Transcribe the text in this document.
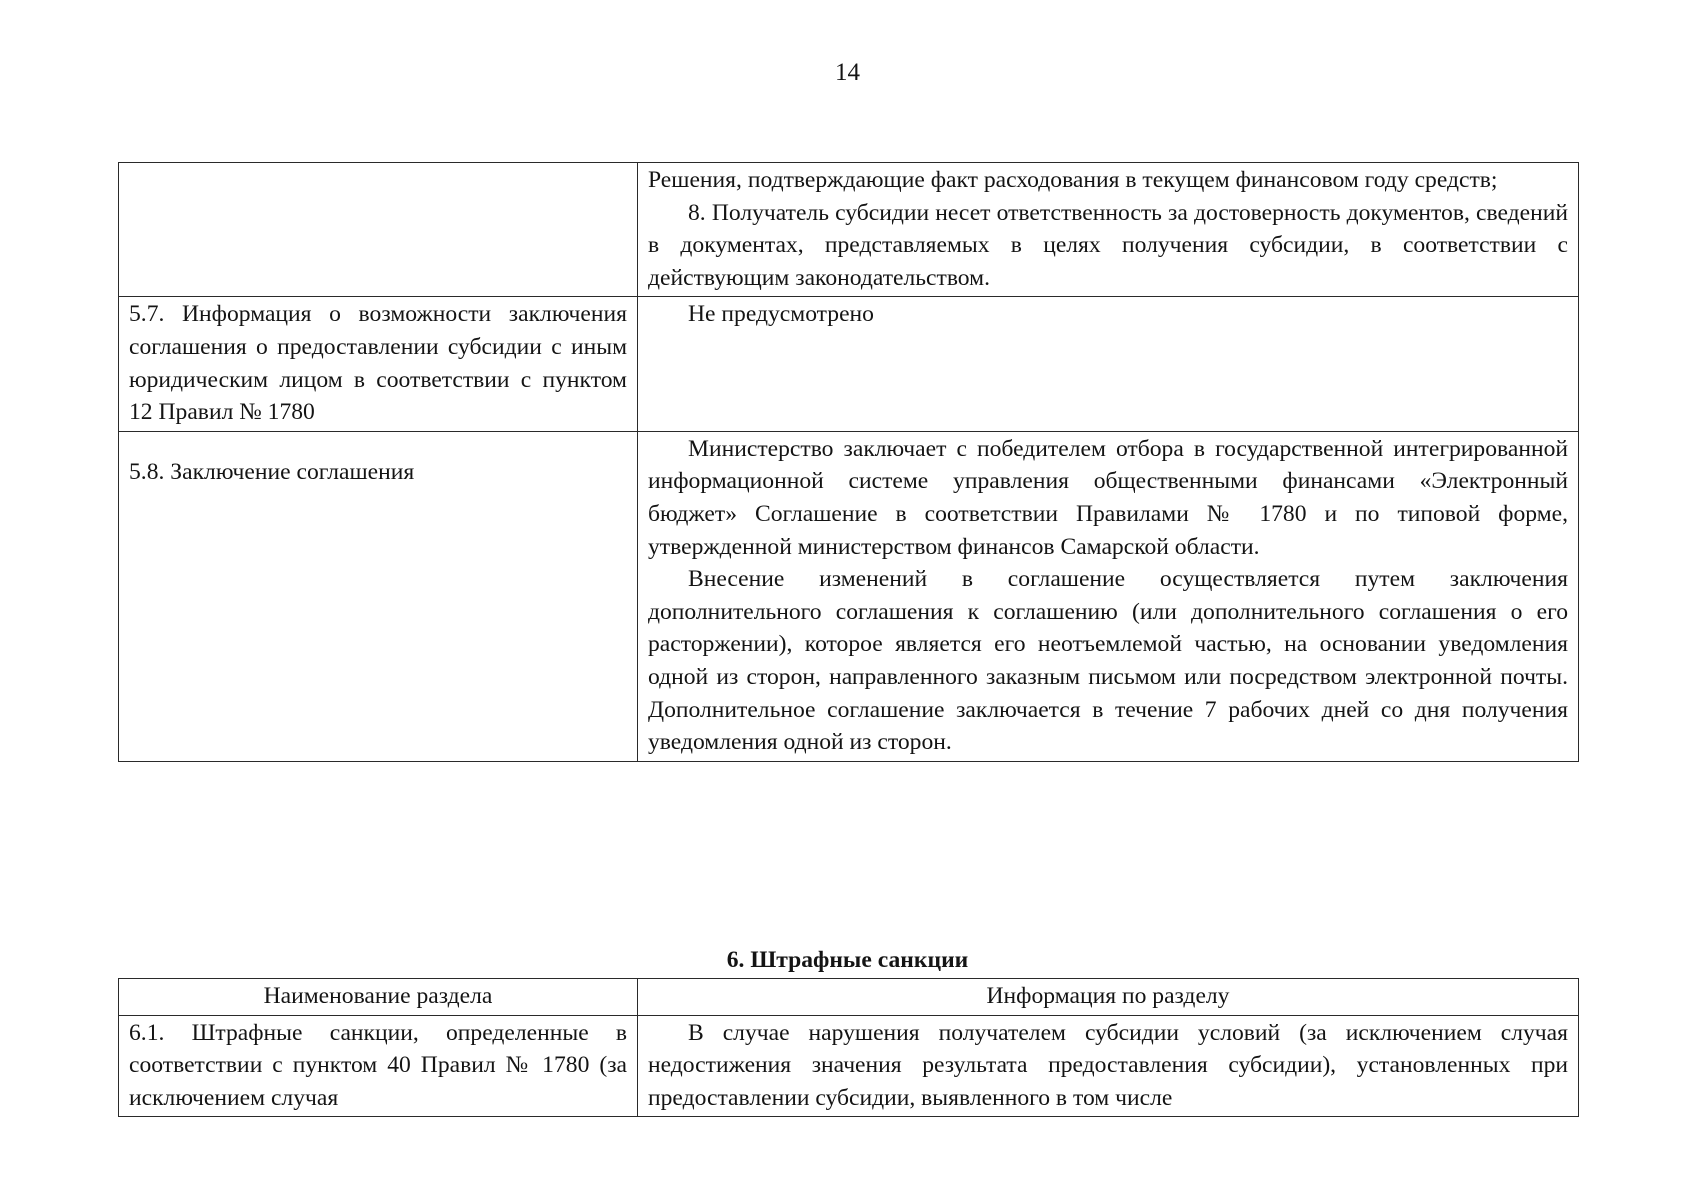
14

	Решения, подтверждающие факт расходования в текущем финансовом году средств;

8. Получатель субсидии несет ответственность за достоверность документов, сведений в документах, представляемых в целях получения субсидии, в соответствии с действующим законодательством.

5.7. Информация о возможности заключения соглашения о предоставлении субсидии с иным юридическим лицом в соответствии с пунктом 12 Правил № 1780	Не предусмотрено

5.8. Заключение соглашения	Министерство заключает с победителем отбора в государственной интегрированной информационной системе управления общественными финансами «Электронный бюджет» Соглашение в соответствии Правилами № 1780 и по типовой форме, утвержденной министерством финансов Самарской области.

Внесение изменений в соглашение осуществляется путем заключения дополнительного соглашения к соглашению (или дополнительного соглашения о его расторжении), которое является его неотъемлемой частью, на основании уведомления одной из сторон, направленного заказным письмом или посредством электронной почты. Дополнительное соглашение заключается в течение 7 рабочих дней со дня получения уведомления одной из сторон.

6. Штрафные санкции
Наименование раздела	Информация по разделу

6.1. Штрафные санкции, определенные в соответствии с пунктом 40 Правил № 1780 (за исключением случая	В случае нарушения получателем субсидии условий (за исключением случая недостижения значения результата предоставления субсидии), установленных при предоставлении субсидии, выявленного в том числе
